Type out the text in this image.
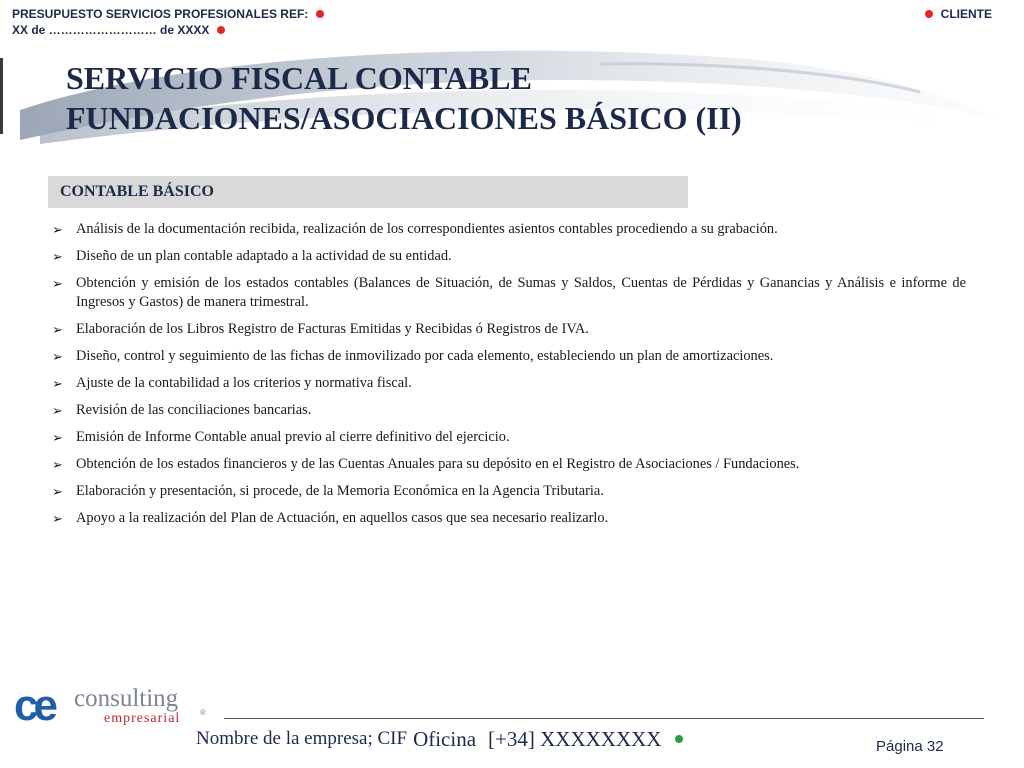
PRESUPUESTO SERVICIOS PROFESIONALES REF:
XX de ……………………… de XXXX
CLIENTE
SERVICIO FISCAL CONTABLE
FUNDACIONES/ASOCIACIONES BÁSICO (II)
CONTABLE BÁSICO
➢ Análisis de la documentación recibida, realización de los correspondientes asientos contables procediendo a su grabación.
➢ Diseño de un plan contable adaptado a la actividad de su entidad.
➢ Obtención y emisión de los estados contables (Balances de Situación, de Sumas y Saldos, Cuentas de Pérdidas y Ganancias y Análisis e informe de Ingresos y Gastos) de manera trimestral.
➢ Elaboración de los Libros Registro de Facturas Emitidas y Recibidas ó Registros de IVA.
➢ Diseño, control y seguimiento de las fichas de inmovilizado por cada elemento, estableciendo un plan de amortizaciones.
➢ Ajuste de la contabilidad a los criterios y normativa fiscal.
➢ Revisión de las conciliaciones bancarias.
➢ Emisión de Informe Contable anual previo al cierre definitivo del ejercicio.
➢ Obtención de los estados financieros y de las Cuentas Anuales para su depósito en el Registro de Asociaciones / Fundaciones.
➢ Elaboración y presentación, si procede, de la Memoria Económica en la Agencia Tributaria.
➢ Apoyo a la realización del Plan de Actuación, en aquellos casos que sea necesario realizarlo.
ce consulting
empresarial ®
Nombre de la empresa; CIF Oficina [+34] XXXXXXXX	Página 32
